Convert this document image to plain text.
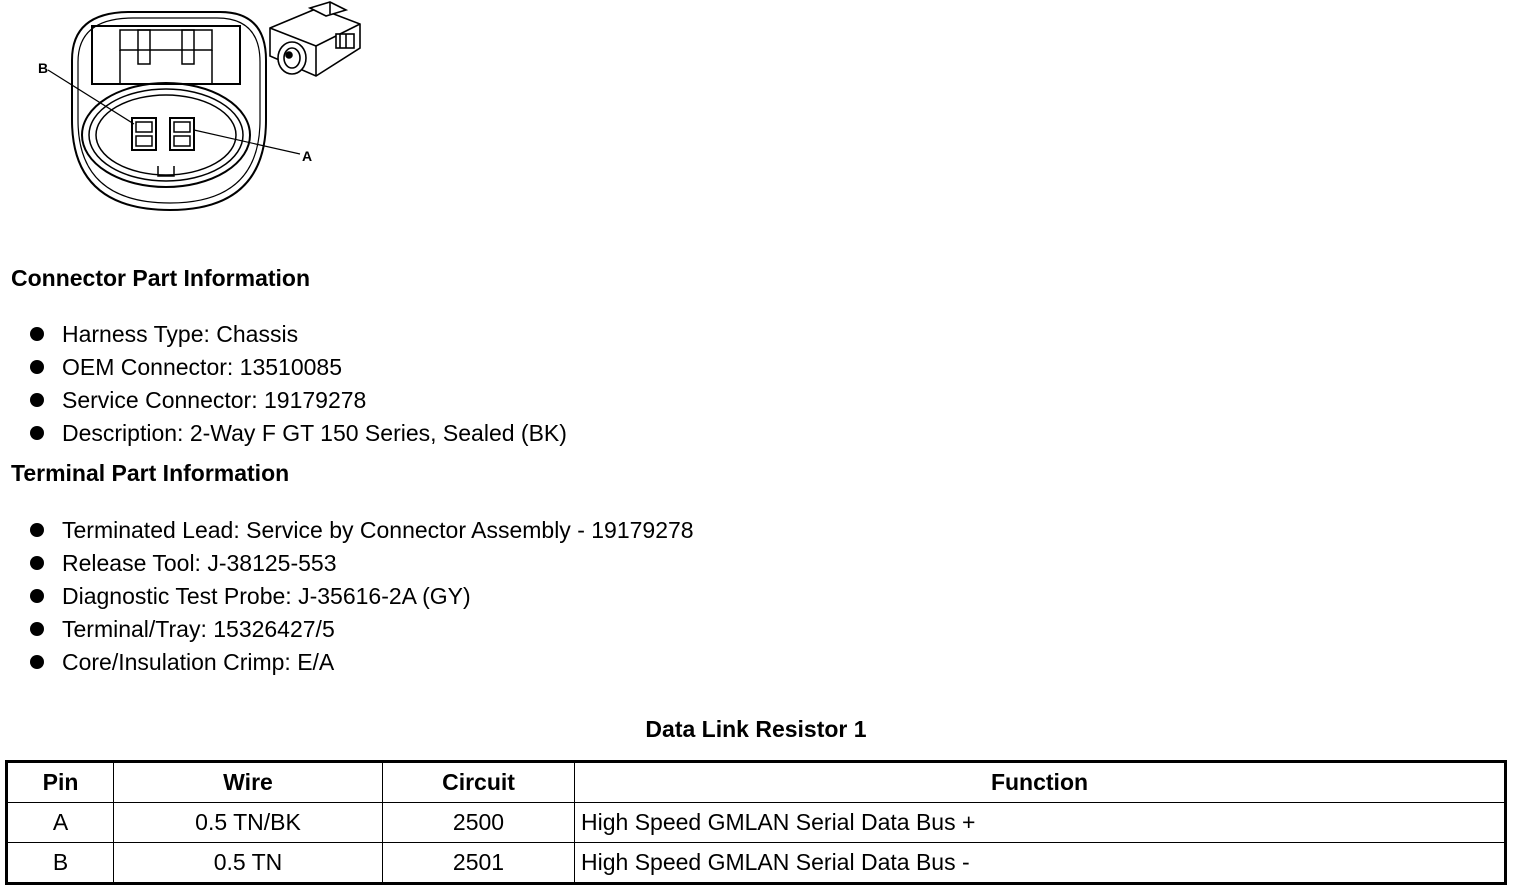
B
A
Connector Part Information
Harness Type: Chassis
OEM Connector: 13510085
Service Connector: 19179278
Description: 2-Way F GT 150 Series, Sealed (BK)
Terminal Part Information
Terminated Lead: Service by Connector Assembly - 19179278
Release Tool: J-38125-553
Diagnostic Test Probe: J-35616-2A (GY)
Terminal/Tray: 15326427/5
Core/Insulation Crimp: E/A
Data Link Resistor 1
Pin	Wire	Circuit	Function
A	0.5 TN/BK	2500	High Speed GMLAN Serial Data Bus +
B	0.5 TN	2501	High Speed GMLAN Serial Data Bus -
